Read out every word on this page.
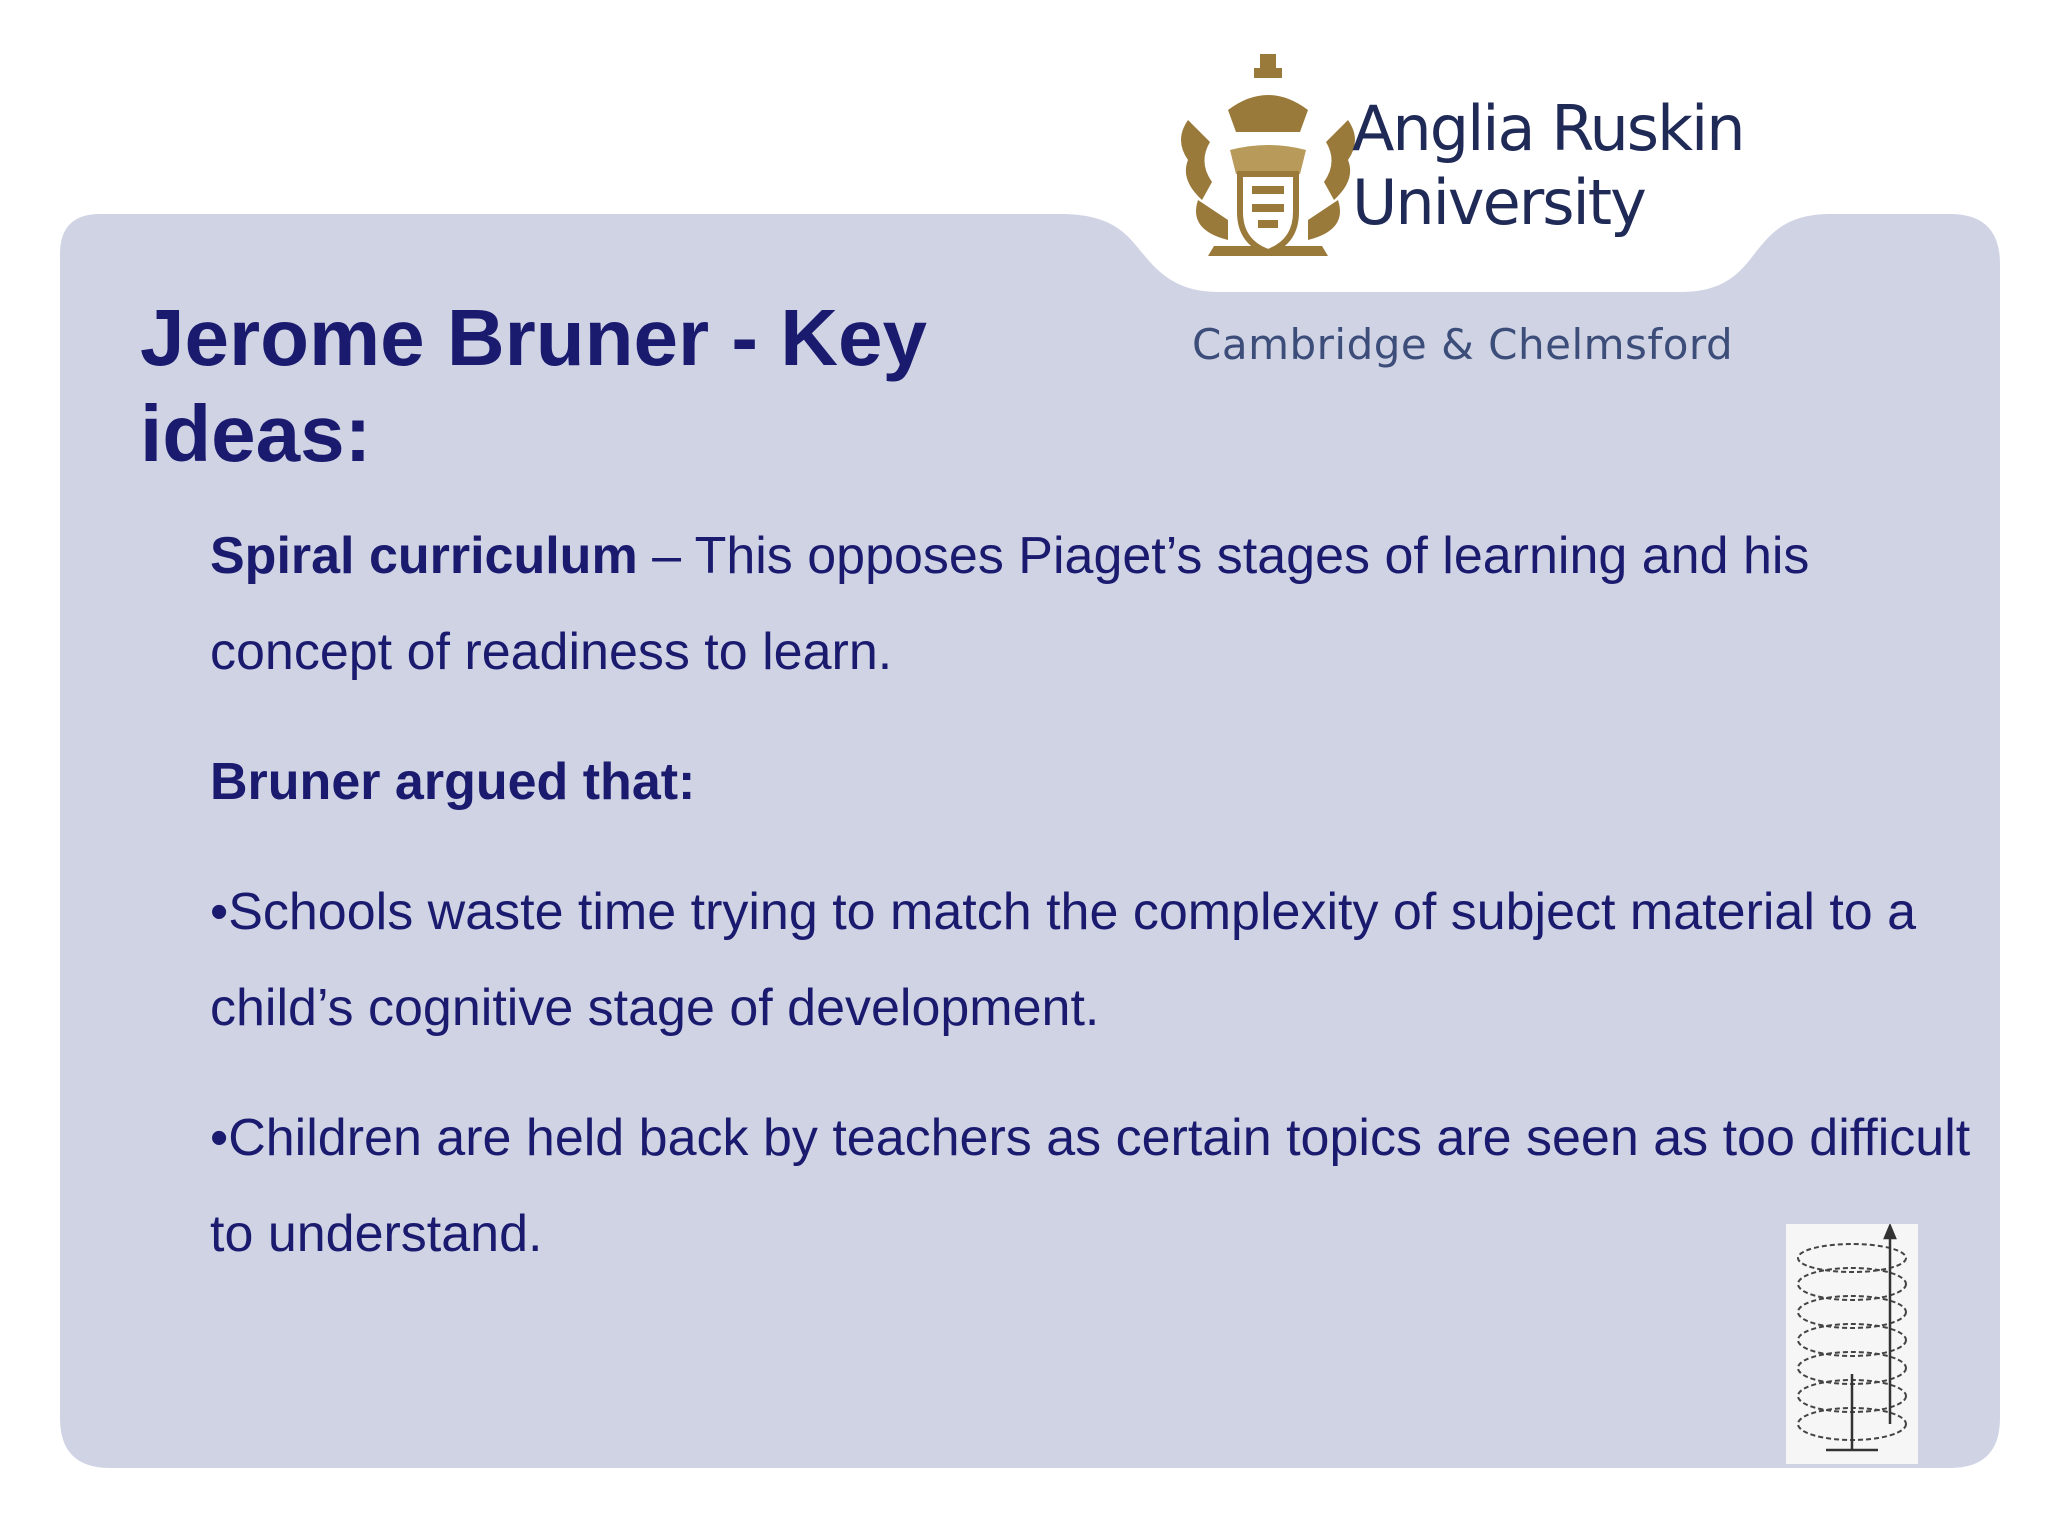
Anglia Ruskin
University
Cambridge & Chelmsford
Jerome Bruner - Key
ideas:

Spiral curriculum – This opposes Piaget’s stages of learning and his concept of readiness to learn.

Bruner argued that:

•Schools waste time trying to match the complexity of subject material to a child’s cognitive stage of development.

•Children are held back by teachers as certain topics are seen as too difficult to understand.
